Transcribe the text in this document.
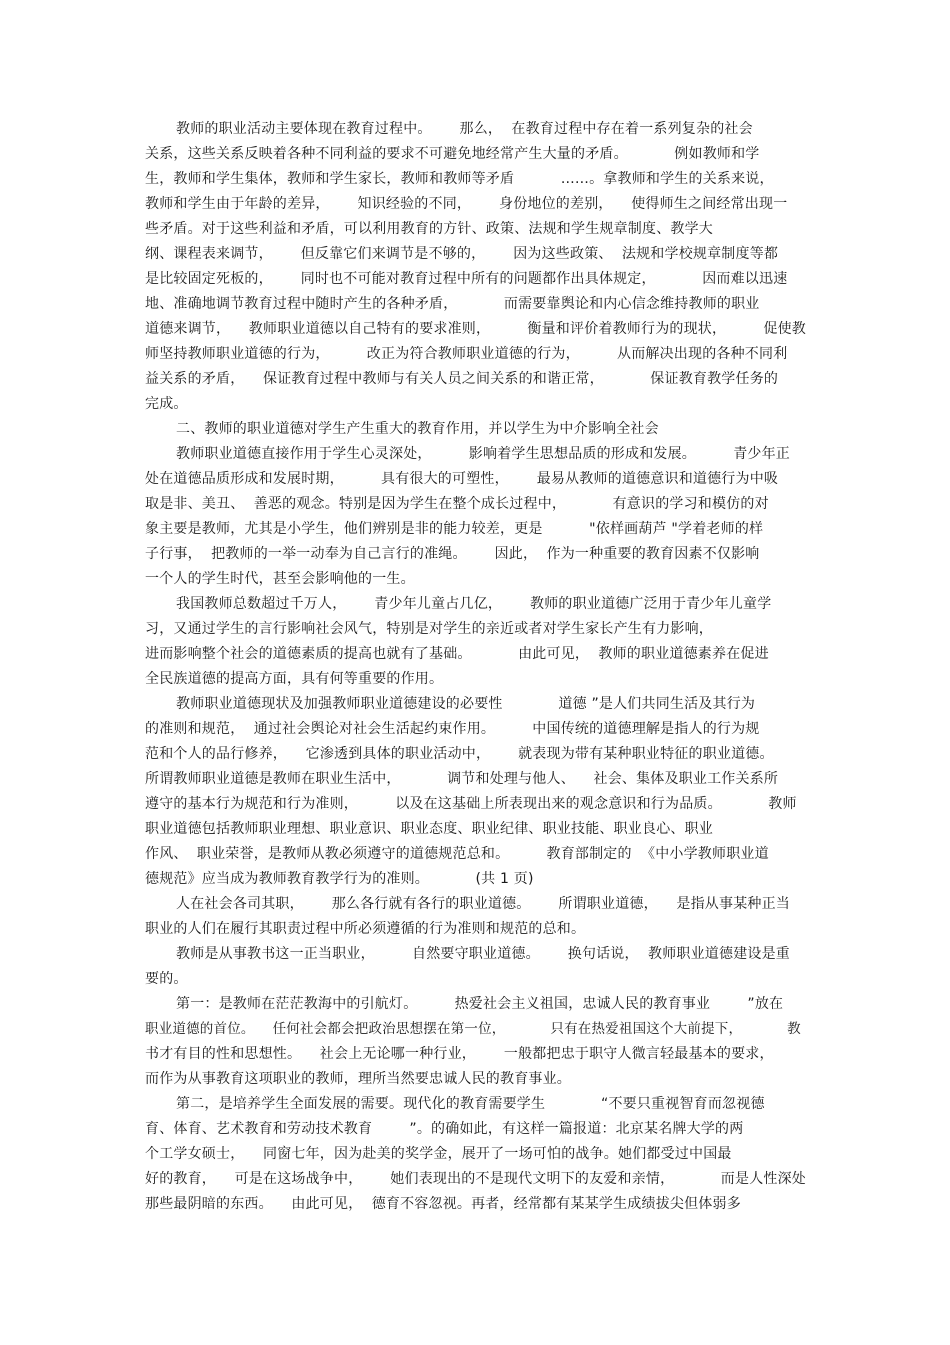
教师的职业活动主要体现在教育过程中。      那么，  在教育过程中存在着一系列复杂的社会
关系，这些关系反映着各种不同利益的要求不可避免地经常产生大量的矛盾。          例如教师和学
生，教师和学生集体，教师和学生家长，教师和教师等矛盾          ……。拿教师和学生的关系来说，
教师和学生由于年龄的差异，      知识经验的不同，      身份地位的差别，    使得师生之间经常出现一
些矛盾。对于这些利益和矛盾，可以利用教育的方针、政策、法规和学生规章制度、教学大
纲、课程表来调节，      但反靠它们来调节是不够的，      因为这些政策、  法规和学校规章制度等都
是比较固定死板的，      同时也不可能对教育过程中所有的问题都作出具体规定，          因而难以迅速
地、准确地调节教育过程中随时产生的各种矛盾，          而需要靠舆论和内心信念维持教师的职业
道德来调节，    教师职业道德以自己特有的要求准则，        衡量和评价着教师行为的现状，        促使教
师坚持教师职业道德的行为，        改正为符合教师职业道德的行为，        从而解决出现的各种不同利
益关系的矛盾，    保证教育过程中教师与有关人员之间关系的和谐正常，          保证教育教学任务的
完成。
二、教师的职业道德对学生产生重大的教育作用，并以学生为中介影响全社会
教师职业道德直接作用于学生心灵深处，        影响着学生思想品质的形成和发展。        青少年正
处在道德品质形成和发展时期，        具有很大的可塑性，      最易从教师的道德意识和道德行为中吸
取是非、美丑、  善恶的观念。特别是因为学生在整个成长过程中，          有意识的学习和模仿的对
象主要是教师，尤其是小学生，他们辨别是非的能力较差，更是          "依样画葫芦 "学着老师的样
子行事，  把教师的一举一动奉为自己言行的准绳。      因此，  作为一种重要的教育因素不仅影响
一个人的学生时代，甚至会影响他的一生。
我国教师总数超过千万人，      青少年儿童占几亿，      教师的职业道德广泛用于青少年儿童学
习，又通过学生的言行影响社会风气，特别是对学生的亲近或者对学生家长产生有力影响，
进而影响整个社会的道德素质的提高也就有了基础。          由此可见，  教师的职业道德素养在促进
全民族道德的提高方面，具有何等重要的作用。
教师职业道德现状及加强教师职业道德建设的必要性            道德 ”是人们共同生活及其行为
的准则和规范，  通过社会舆论对社会生活起约束作用。        中国传统的道德理解是指人的行为规
范和个人的品行修养，    它渗透到具体的职业活动中，      就表现为带有某种职业特征的职业道德。
所谓教师职业道德是教师在职业生活中，          调节和处理与他人、    社会、集体及职业工作关系所
遵守的基本行为规范和行为准则，        以及在这基础上所表现出来的观念意识和行为品质。          教师
职业道德包括教师职业理想、职业意识、职业态度、职业纪律、职业技能、职业良心、职业
作风、  职业荣誉，是教师从教必须遵守的道德规范总和。        教育部制定的  《中小学教师职业道
德规范》应当成为教师教育教学行为的准则。          (共 1 页)
人在社会各司其职，      那么各行就有各行的职业道德。      所谓职业道德，    是指从事某种正当
职业的人们在履行其职责过程中所必须遵循的行为准则和规范的总和。
教师是从事教书这一正当职业，        自然要守职业道德。      换句话说，  教师职业道德建设是重
要的。
第一：是教师在茫茫教海中的引航灯。        热爱社会主义祖国，忠诚人民的教育事业        ”放在
职业道德的首位。    任何社会都会把政治思想摆在第一位，          只有在热爱祖国这个大前提下，          教
书才有目的性和思想性。    社会上无论哪一种行业，      一般都把忠于职守人微言轻最基本的要求，
而作为从事教育这项职业的教师，理所当然要忠诚人民的教育事业。
第二，是培养学生全面发展的需要。现代化的教育需要学生            “不要只重视智育而忽视德
育、体育、艺术教育和劳动技术教育        ”。的确如此，有这样一篇报道：北京某名牌大学的两
个工学女硕士，    同窗七年，因为赴美的奖学金，展开了一场可怕的战争。她们都受过中国最
好的教育，    可是在这场战争中，      她们表现出的不是现代文明下的友爱和亲情，          而是人性深处
那些最阴暗的东西。    由此可见，  德育不容忽视。再者，经常都有某某学生成绩拔尖但体弱多
